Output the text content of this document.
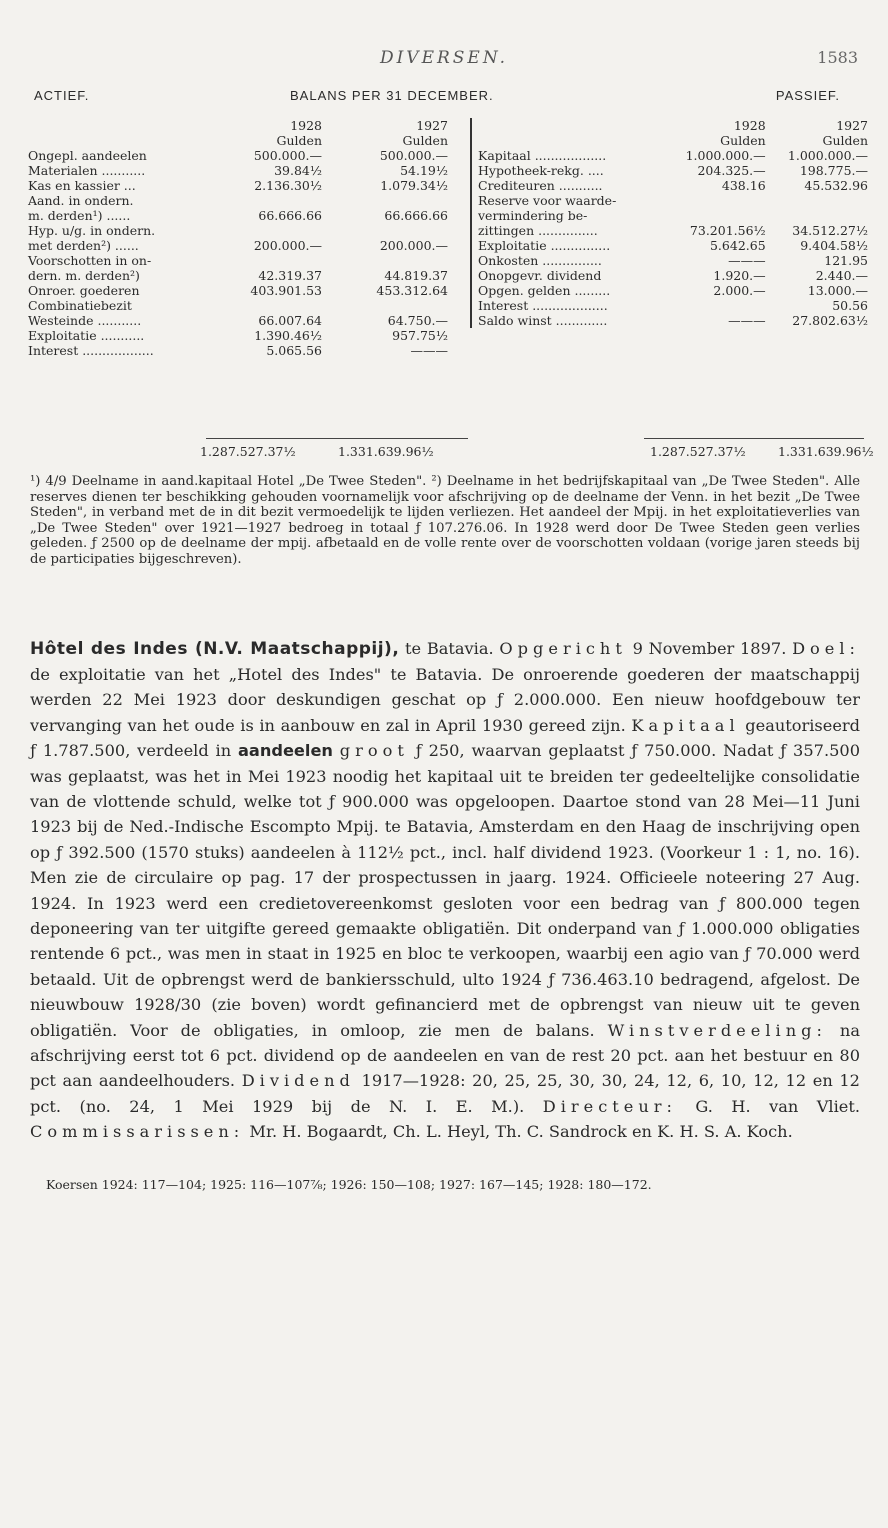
DIVERSEN.	1583
ACTIEF.	BALANS PER 31 DECEMBER.	PASSIEF.
	1928	1927
	Gulden	Gulden
Ongepl. aandeelen	500.000.—	500.000.—
Materialen ...........	39.84½	54.19½
Kas en kassier ...	2.136.30½	1.079.34½
Aand. in ondern.		
m. derden¹) ......	66.666.66	66.666.66
Hyp. u/g. in ondern.		
met derden²) ......	200.000.—	200.000.—
Voorschotten in on-		
dern. m. derden²)	42.319.37	44.819.37
Onroer. goederen	403.901.53	453.312.64
Combinatiebezit		
Westeinde ...........	66.007.64	64.750.—
Exploitatie ...........	1.390.46½	957.75½
Interest ..................	5.065.56	———
	1928	1927
	Gulden	Gulden
Kapitaal ..................	1.000.000.—	1.000.000.—
Hypotheek-rekg. ....	204.325.—	198.775.—
Crediteuren ...........	438.16	45.532.96
Reserve voor waarde-		
vermindering be-		
zittingen ...............	73.201.56½	34.512.27½
Exploitatie ...............	5.642.65	9.404.58½
Onkosten ...............	———	121.95
Onopgevr. dividend	1.920.—	2.440.—
Opgen. gelden .........	2.000.—	13.000.—
Interest ...................		50.56
Saldo winst .............	———	27.802.63½
1.287.527.37½	1.331.639.96½	1.287.527.37½	1.331.639.96½
¹) 4/9 Deelname in aand.kapitaal Hotel „De Twee Steden". ²) Deelname in het bedrijfskapitaal van „De Twee Steden". Alle reserves dienen ter beschikking gehouden voornamelijk voor afschrijving op de deelname der Venn. in het bezit „De Twee Steden", in verband met de in dit bezit vermoedelijk te lijden verliezen. Het aandeel der Mpij. in het exploitatieverlies van „De Twee Steden" over 1921—1927 bedroeg in totaal ƒ 107.276.06. In 1928 werd door De Twee Steden geen verlies geleden. ƒ 2500 op de deelname der mpij. afbetaald en de volle rente over de voorschotten voldaan (vorige jaren steeds bij de participaties bijgeschreven).

Hôtel des Indes (N.V. Maatschappij), te Batavia. Opgericht 9 November 1897. Doel: de exploitatie van het „Hotel des Indes" te Batavia. De onroerende goederen der maatschappij werden 22 Mei 1923 door deskundigen geschat op ƒ 2.000.000. Een nieuw hoofdgebouw ter vervanging van het oude is in aanbouw en zal in April 1930 gereed zijn. Kapitaal geautoriseerd ƒ 1.787.500, verdeeld in aandeelen groot ƒ 250, waarvan geplaatst ƒ 750.000. Nadat ƒ 357.500 was geplaatst, was het in Mei 1923 noodig het kapitaal uit te breiden ter gedeeltelijke consolidatie van de vlottende schuld, welke tot ƒ 900.000 was opgeloopen. Daartoe stond van 28 Mei—11 Juni 1923 bij de Ned.-Indische Escompto Mpij. te Batavia, Amsterdam en den Haag de inschrijving open op ƒ 392.500 (1570 stuks) aandeelen à 112½ pct., incl. half dividend 1923. (Voorkeur 1 : 1, no. 16). Men zie de circulaire op pag. 17 der prospectussen in jaarg. 1924. Officieele noteering 27 Aug. 1924. In 1923 werd een credietovereenkomst gesloten voor een bedrag van ƒ 800.000 tegen deponeering van ter uitgifte gereed gemaakte obligatiën. Dit onderpand van ƒ 1.000.000 obligaties rentende 6 pct., was men in staat in 1925 en bloc te verkoopen, waarbij een agio van ƒ 70.000 werd betaald. Uit de opbrengst werd de bankiersschuld, ulto 1924 ƒ 736.463.10 bedragend, afgelost. De nieuwbouw 1928/30 (zie boven) wordt gefinancierd met de opbrengst van nieuw uit te geven obligatiën. Voor de obligaties, in omloop, zie men de balans. Winstverdeeling: na afschrijving eerst tot 6 pct. dividend op de aandeelen en van de rest 20 pct. aan het bestuur en 80 pct aan aandeelhouders. Dividend 1917—1928: 20, 25, 25, 30, 30, 24, 12, 6, 10, 12, 12 en 12 pct. (no. 24, 1 Mei 1929 bij de N. I. E. M.). Directeur: G. H. van Vliet. Commissarissen: Mr. H. Bogaardt, Ch. L. Heyl, Th. C. Sandrock en K. H. S. A. Koch.

Koersen 1924: 117—104; 1925: 116—107⅞; 1926: 150—108; 1927: 167—145; 1928: 180—172.
